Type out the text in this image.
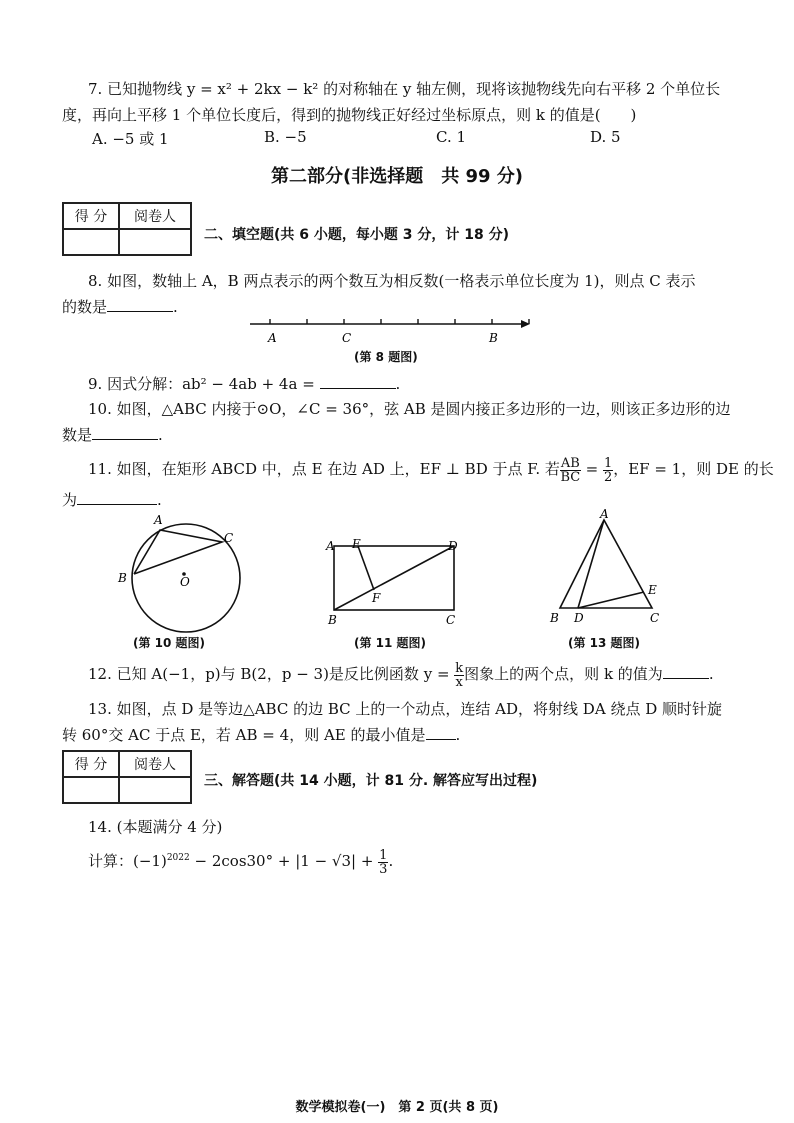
7. 已知抛物线 y = x² + 2kx − k² 的对称轴在 y 轴左侧，现将该抛物线先向右平移 2 个单位长
度，再向上平移 1 个单位长度后，得到的抛物线正好经过坐标原点，则 k 的值是(　　)
A. −5 或 1	B. −5	C. 1	D. 5
第二部分(非选择题　共 99 分)
得 分	阅卷人

二、填空题(共 6 小题，每小题 3 分，计 18 分)
8. 如图，数轴上 A，B 两点表示的两个数互为相反数(一格表示单位长度为 1)，则点 C 表示
的数是	.
A	C	B
(第 8 题图)
9. 因式分解：ab² − 4ab + 4a =	.
10. 如图，△ABC 内接于⊙O，∠C = 36°，弦 AB 是圆内接正多边形的一边，则该正多边形的边
数是	.
11. 如图，在矩形 ABCD 中，点 E 在边 AD 上，EF ⊥ BD 于点 F. 若 $\frac{AB}{BC} = \frac{1}{2}$ ，EF = 1，则 DE 的长
为	.
A
B
C
O
(第 10 题图)
A E	D
F
B	C
(第 11 题图)
A
E
B D	C
(第 13 题图)
12. 已知 A(−1，p)与 B(2，p − 3)是反比例函数 $y = \frac{k}{x}$ 图象上的两个点，则 k 的值为	.
13. 如图，点 D 是等边△ABC 的边 BC 上的一个动点，连结 AD，将射线 DA 绕点 D 顺时针旋
转 60°交 AC 于点 E，若 AB = 4，则 AE 的最小值是 .
得 分	阅卷人

三、解答题(共 14 小题，计 81 分. 解答应写出过程)
14. (本题满分 4 分)
计算：$(-1)^{2022} - 2\cos 30^\circ + |1 - √3| + \frac{1}{3}$ .
数学模拟卷(一)　第 2 页(共 8 页)
